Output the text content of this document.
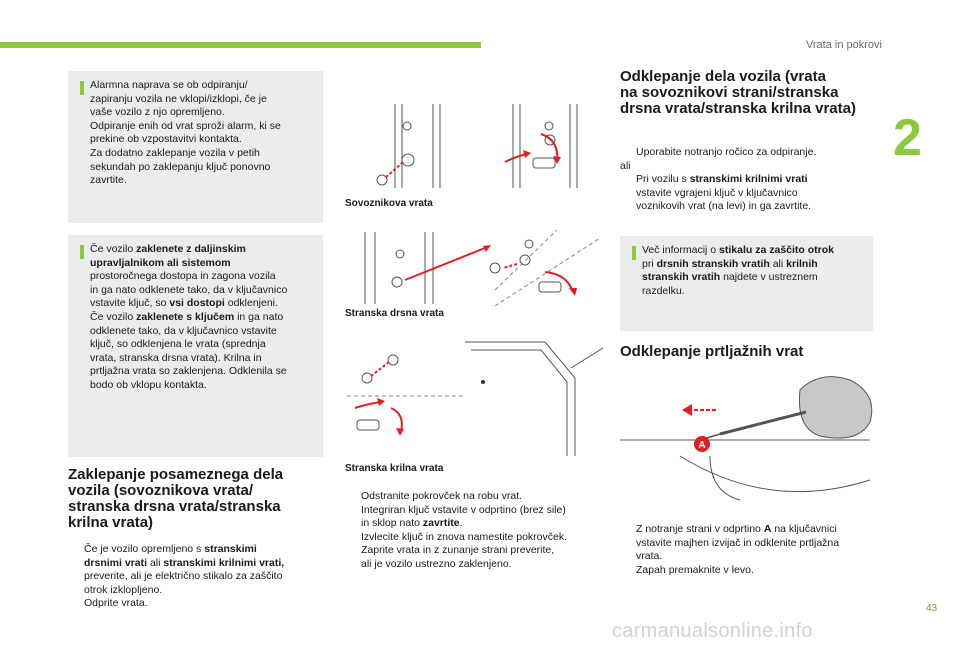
Vrata in pokrovi
2
43
carmanualsonline.info

Alarmna naprava se ob odpiranju/

zapiranju vozila ne vklopi/izklopi, če je

vaše vozilo z njo opremljeno.

Odpiranje enih od vrat sproži alarm, ki se

prekine ob vzpostavitvi kontakta.

Za dodatno zaklepanje vozila v petih

sekundah po zaklepanju ključ ponovno

zavrtite.

Če vozilo zaklenete z daljinskim

upravljalnikom ali sistemom

prostoročnega dostopa in zagona vozila

in ga nato odklenete tako, da v ključavnico

vstavite ključ, so vsi dostopi odklenjeni.

Če vozilo zaklenete s ključem in ga nato

odklenete tako, da v ključavnico vstavite

ključ, so odklenjena le vrata (sprednja

vrata, stranska drsna vrata). Krilna in

prtljažna vrata so zaklenjena. Odklenila se

bodo ob vklopu kontakta.

Zaklepanje posameznega dela
vozila (sovoznikova vrata/
stranska drsna vrata/stranska
krilna vrata)
Če je vozilo opremljeno s stranskimi
drsnimi vrati ali stranskimi krilnimi vrati,
preverite, ali je električno stikalo za zaščito
otrok izklopljeno.
Odprite vrata.
Sovoznikova vrata
Stranska drsna vrata
Stranska krilna vrata
Odstranite pokrovček na robu vrat.
Integriran ključ vstavite v odprtino (brez sile)
in sklop nato zavrtite.
Izvlecite ključ in znova namestite pokrovček.
Zaprite vrata in z zunanje strani preverite,
ali je vozilo ustrezno zaklenjeno.
Odklepanje dela vozila (vrata
na sovoznikovi strani/stranska
drsna vrata/stranska krilna vrata)
Uporabite notranjo ročico za odpiranje.

ali

Pri vozilu s stranskimi krilnimi vrati
vstavite vgrajeni ključ v ključavnico
voznikovih vrat (na levi) in ga zavrtite.

Več informacij o stikalu za zaščito otrok

pri drsnih stranskih vratih ali krilnih

stranskih vratih najdete v ustreznem

razdelku.

Odklepanje prtljažnih vrat
A
Z notranje strani v odprtino A na ključavnici
vstavite majhen izvijač in odklenite prtljažna
vrata.
Zapah premaknite v levo.
